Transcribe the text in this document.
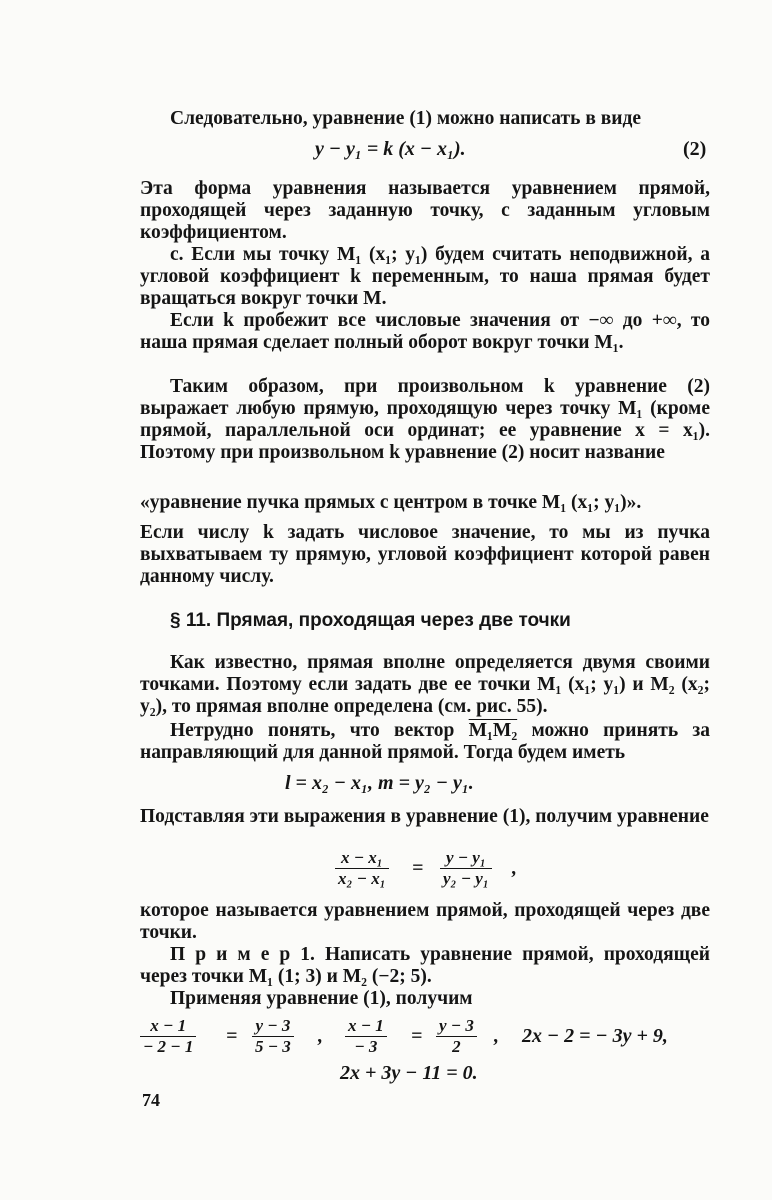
Следовательно, уравнение (1) можно написать в виде

y − y₁ = k (x − x₁).	(2)

Эта форма уравнения называется уравнением прямой, проходящей через заданную точку, с заданным угловым коэффициентом.

с. Если мы точку M₁ (x₁; y₁) будем считать неподвижной, а угловой коэффициент k переменным, то наша прямая будет вращаться вокруг точки M.

Если k пробежит все числовые значения от −∞ до +∞, то наша прямая сделает полный оборот вокруг точки M₁.

Таким образом, при произвольном k уравнение (2) выражает любую прямую, проходящую через точку M₁ (кроме прямой, параллельной оси ординат; ее уравнение x = x₁). Поэтому при произвольном k уравнение (2) носит название

«уравнение пучка прямых с центром в точке M₁ (x₁; y₁)».

Если числу k задать числовое значение, то мы из пучка выхватываем ту прямую, угловой коэффициент которой равен данному числу.

§ 11. Прямая, проходящая через две точки

Как известно, прямая вполне определяется двумя своими точками. Поэтому если задать две ее точки M₁ (x₁; y₁) и M₂ (x₂; y₂), то прямая вполне определена (см. рис. 55).

Нетрудно понять, что вектор M₁M₂ можно принять за направляющий для данной прямой. Тогда будем иметь

l = x₂ − x₁, m = y₂ − y₁.

Подставляя эти выражения в уравнение (1), получим уравнение

x − x₁
x₂ − x₁ = y − y₁
y₂ − y₁ ,

которое называется уравнением прямой, проходящей через две точки.

П р и м е р 1. Написать уравнение прямой, проходящей через точки M₁ (1; 3) и M₂ (−2; 5).

Применяя уравнение (1), получим

x − 1
− 2 − 1 = y − 3
5 − 3 , x − 1
− 3 = y − 3
2 , 2x − 2 = − 3y + 9,
2x + 3y − 11 = 0.
74
